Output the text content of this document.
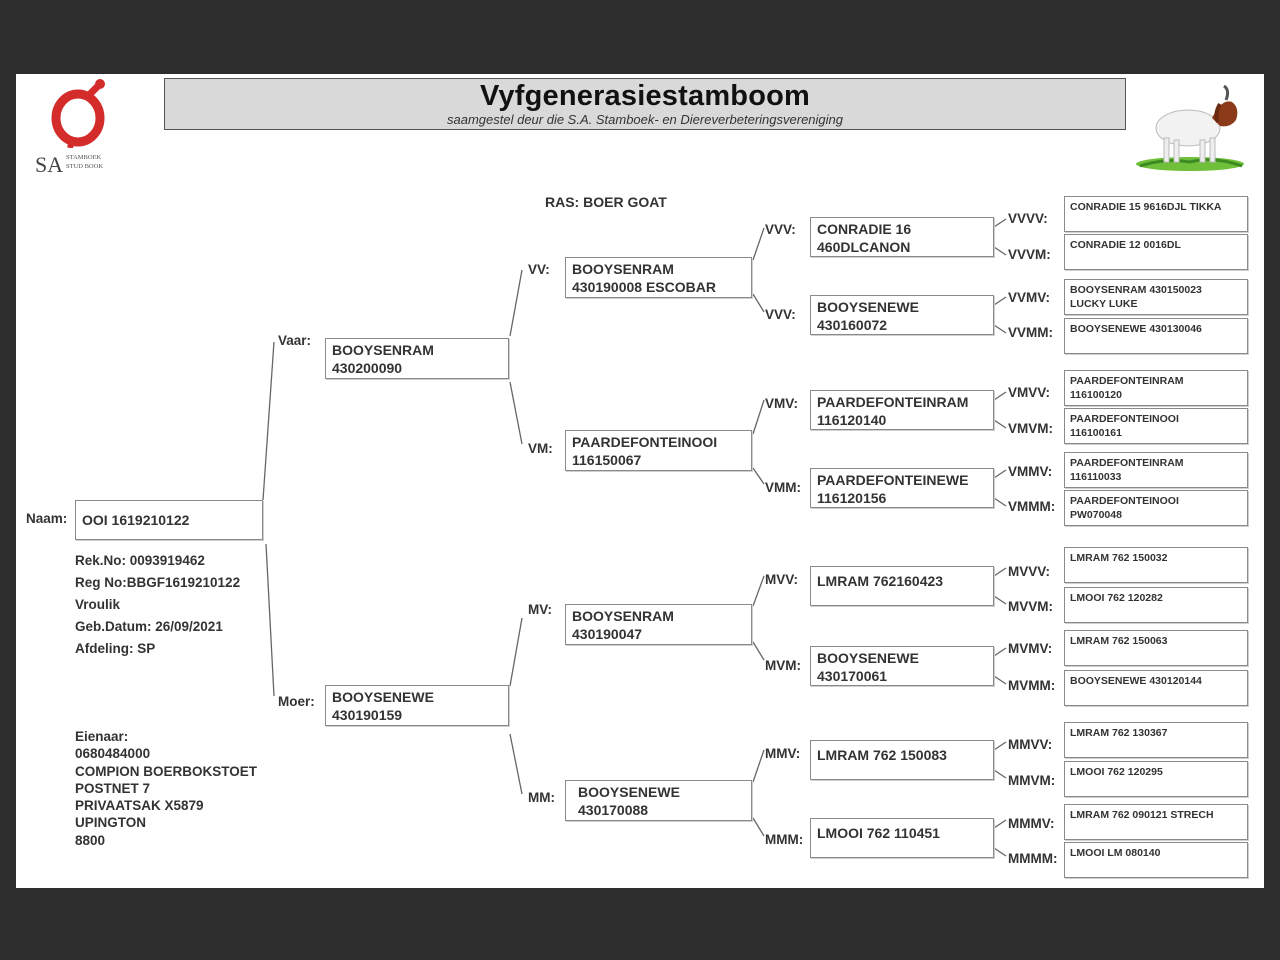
SA STAMBOEK
STUD BOOK
Vyfgenerasiestamboom
saamgestel deur die S.A. Stamboek- en Diereverbeteringsvereniging
RAS: BOER GOAT
Naam:	OOI 1619210122
Rek.No: 0093919462
Reg No:BBGF1619210122
Vroulik
Geb.Datum: 26/09/2021
Afdeling: SP
Eienaar:
0680484000
COMPION BOERBOKSTOET
POSTNET 7
PRIVAATSAK X5879
UPINGTON
8800
Vaar:
BOOYSENRAM
430200090
Moer: BOOYSENEWE
430190159
VV: BOOYSENRAM
430190008 ESCOBAR
VM: PAARDEFONTEINOOI
116150067
MV: BOOYSENRAM
430190047
MM: BOOYSENEWE
430170088
VVV: CONRADIE 16
460DLCANON
VVV: BOOYSENEWE
430160072
VMV: PAARDEFONTEINRAM
116120140
VMM: PAARDEFONTEINEWE
116120156
MVV: LMRAM 762160423
MVM: BOOYSENEWE
430170061
MMV: LMRAM 762 150083
MMM: LMOOI 762 110451
VVVV:
CONRADIE 15 9616DJL TIKKA
VVVM:
CONRADIE 12 0016DL
VVMV: BOOYSENRAM 430150023
LUCKY LUKE
VVMM: BOOYSENEWE 430130046
VMVV:
PAARDEFONTEINRAM
116100120
VMVM:
PAARDEFONTEINOOI
116100161
VMMV:
PAARDEFONTEINRAM
116110033
VMMM: PAARDEFONTEINOOI
PW070048
MVVV:
LMRAM 762 150032
MVVM:
LMOOI 762 120282
MVMV: LMRAM 762 150063
MVMM: BOOYSENEWE 430120144
MMVV:
LMRAM 762 130367
MMVM:
LMOOI 762 120295
MMMV:
LMRAM 762 090121 STRECH
MMMM: LMOOI LM 080140
